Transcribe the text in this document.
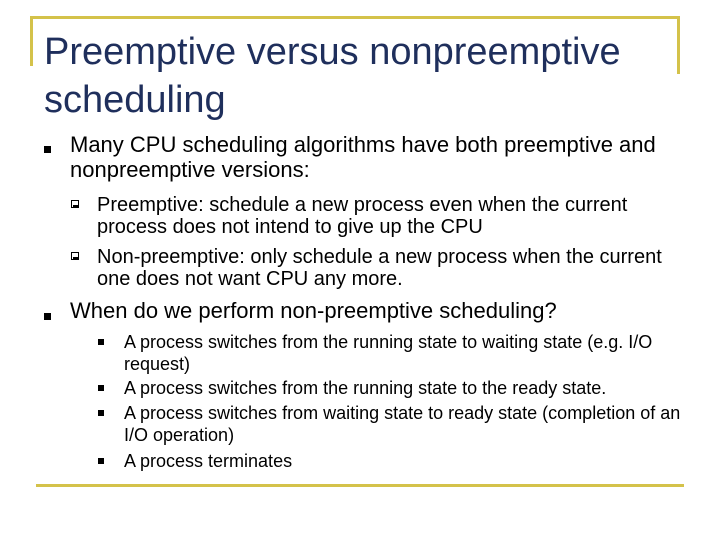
Preemptive versus nonpreemptive scheduling
Many CPU scheduling algorithms have both preemptive and nonpreemptive versions:
Preemptive: schedule a new process even when the current process does not intend to give up the CPU
Non-preemptive: only schedule a new process when the current one does not want CPU any more.
When do we perform non-preemptive scheduling?
A process switches from the running state to waiting state (e.g. I/O request)
A process switches from the running state to the ready state.
A process switches from waiting state to ready state (completion of an I/O operation)
A process terminates
